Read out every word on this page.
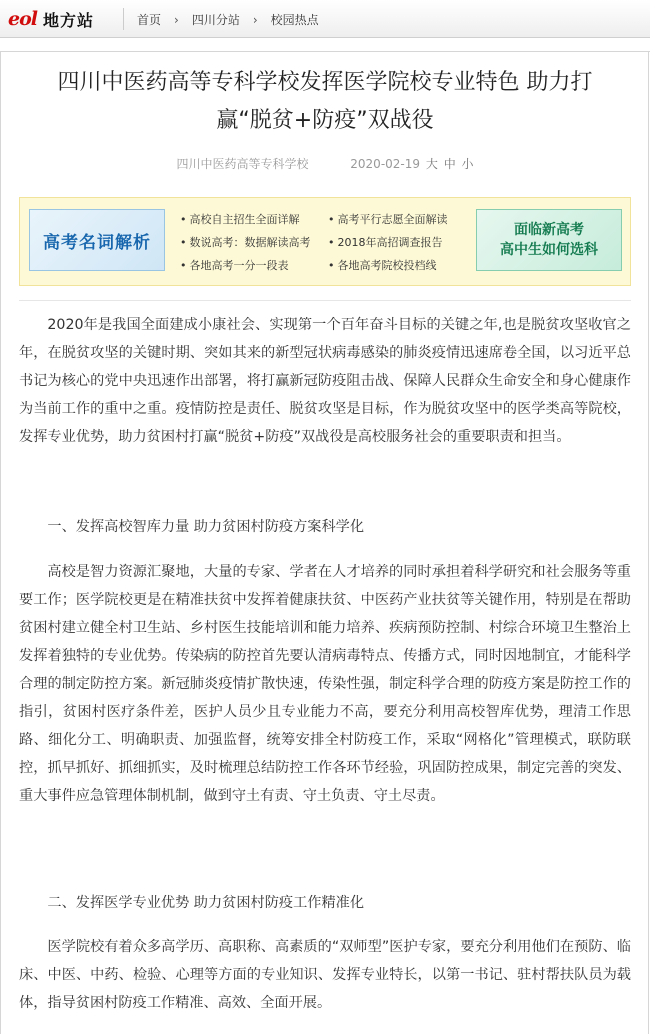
eol 地方站	首页 › 四川分站 › 校园热点
四川中医药高等专科学校发挥医学院校专业特色 助力打
赢“脱贫+防疫”双战役
四川中医药高等专科学校	2020-02-19 大 中 小
高考名词解析
• 高校自主招生全面详解	• 高考平行志愿全面解读
• 数说高考：数据解读高考 • 2018年高招调查报告
• 各地高考一分一段表	• 各地高考院校投档线
面临新高考
高中生如何选科

2020年是我国全面建成小康社会、实现第一个百年奋斗目标的关键之年,也是脱贫攻坚收官之年，在脱贫攻坚的关键时期、突如其来的新型冠状病毒感染的肺炎疫情迅速席卷全国，以习近平总书记为核心的党中央迅速作出部署，将打赢新冠防疫阻击战、保障人民群众生命安全和身心健康作为当前工作的重中之重。疫情防控是责任、脱贫攻坚是目标，作为脱贫攻坚中的医学类高等院校，发挥专业优势，助力贫困村打赢“脱贫+防疫”双战役是高校服务社会的重要职责和担当。

一、发挥高校智库力量 助力贫困村防疫方案科学化

高校是智力资源汇聚地，大量的专家、学者在人才培养的同时承担着科学研究和社会服务等重要工作；医学院校更是在精准扶贫中发挥着健康扶贫、中医药产业扶贫等关键作用，特别是在帮助贫困村建立健全村卫生站、乡村医生技能培训和能力培养、疾病预防控制、村综合环境卫生整治上发挥着独特的专业优势。传染病的防控首先要认清病毒特点、传播方式，同时因地制宜，才能科学合理的制定防控方案。新冠肺炎疫情扩散快速，传染性强，制定科学合理的防疫方案是防控工作的指引，贫困村医疗条件差，医护人员少且专业能力不高，要充分利用高校智库优势，理清工作思路、细化分工、明确职责、加强监督，统筹安排全村防疫工作，采取“网格化”管理模式，联防联控，抓早抓好、抓细抓实，及时梳理总结防控工作各环节经验，巩固防控成果，制定完善的突发、重大事件应急管理体制机制，做到守土有责、守土负责、守土尽责。

二、发挥医学专业优势 助力贫困村防疫工作精准化

医学院校有着众多高学历、高职称、高素质的“双师型”医护专家，要充分利用他们在预防、临床、中医、中药、检验、心理等方面的专业知识、发挥专业特长，以第一书记、驻村帮扶队员为载体，指导贫困村防疫工作精准、高效、全面开展。
